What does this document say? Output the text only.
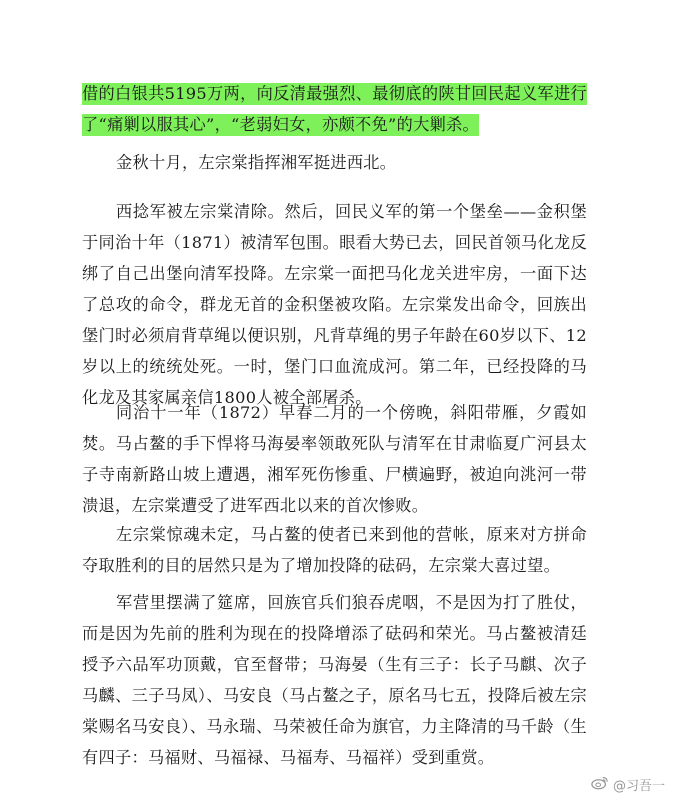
借的白银共5195万两，向反清最强烈、最彻底的陕甘回民起义军进行了“痛剿以服其心”，“老弱妇女，亦颇不免”的大剿杀。

金秋十月，左宗棠指挥湘军挺进西北。

西捻军被左宗棠清除。然后，回民义军的第一个堡垒——金积堡于同治十年（1871）被清军包围。眼看大势已去，回民首领马化龙反绑了自己出堡向清军投降。左宗棠一面把马化龙关进牢房，一面下达了总攻的命令，群龙无首的金积堡被攻陷。左宗棠发出命令，回族出堡门时必须肩背草绳以便识别，凡背草绳的男子年龄在60岁以下、12岁以上的统统处死。一时，堡门口血流成河。第二年，已经投降的马化龙及其家属亲信1800人被全部屠杀。

同治十一年（1872）早春二月的一个傍晚，斜阳带雁，夕霞如焚。马占鳌的手下悍将马海晏率领敢死队与清军在甘肃临夏广河县太子寺南新路山坡上遭遇，湘军死伤惨重、尸横遍野，被迫向洮河一带溃退，左宗棠遭受了进军西北以来的首次惨败。

左宗棠惊魂未定，马占鳌的使者已来到他的营帐，原来对方拼命夺取胜利的目的居然只是为了增加投降的砝码，左宗棠大喜过望。

军营里摆满了筵席，回族官兵们狼吞虎咽，不是因为打了胜仗，而是因为先前的胜利为现在的投降增添了砝码和荣光。马占鳌被清廷授予六品军功顶戴，官至督带；马海晏（生有三子：长子马麒、次子马麟、三子马凤）、马安良（马占鳌之子，原名马七五，投降后被左宗棠赐名马安良）、马永瑞、马荣被任命为旗官，力主降清的马千龄（生有四子：马福财、马福禄、马福寿、马福祥）受到重赏。

@习吾一
